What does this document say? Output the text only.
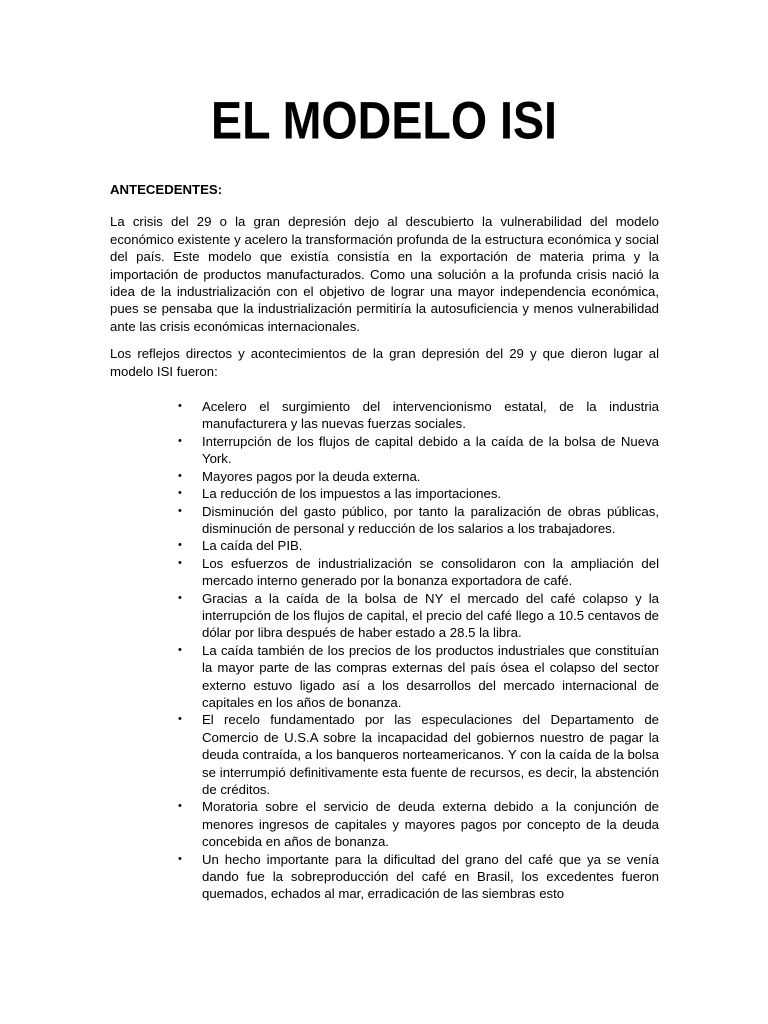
EL MODELO ISI
ANTECEDENTES:

La crisis del 29 o la gran depresión dejo al descubierto la vulnerabilidad del modelo económico existente y acelero la transformación profunda de la estructura económica y social del país. Este modelo que existía consistía en la exportación de materia prima y la importación de productos manufacturados. Como una solución a la profunda crisis nació la idea de la industrialización con el objetivo de lograr una mayor independencia económica, pues se pensaba que la industrialización permitiría la autosuficiencia y menos vulnerabilidad ante las crisis económicas internacionales.

Los reflejos directos y acontecimientos de la gran depresión del 29 y que dieron lugar al modelo ISI fueron:

• Acelero el surgimiento del intervencionismo estatal, de la industria manufacturera y las nuevas fuerzas sociales.
• Interrupción de los flujos de capital debido a la caída de la bolsa de Nueva York.
• Mayores pagos por la deuda externa.
• La reducción de los impuestos a las importaciones.
• Disminución del gasto público, por tanto la paralización de obras públicas, disminución de personal y reducción de los salarios a los trabajadores.
• La caída del PIB.
• Los esfuerzos de industrialización se consolidaron con la ampliación del mercado interno generado por la bonanza exportadora de café.
• Gracias a la caída de la bolsa de NY el mercado del café colapso y la interrupción de los flujos de capital, el precio del café llego a 10.5 centavos de dólar por libra después de haber estado a 28.5 la libra.
• La caída también de los precios de los productos industriales que constituían la mayor parte de las compras externas del país ósea el colapso del sector externo estuvo ligado así a los desarrollos del mercado internacional de capitales en los años de bonanza.
• El recelo fundamentado por las especulaciones del Departamento de Comercio de U.S.A sobre la incapacidad del gobiernos nuestro de pagar la deuda contraída, a los banqueros norteamericanos. Y con la caída de la bolsa se interrumpió definitivamente esta fuente de recursos, es decir, la abstención de créditos.
• Moratoria sobre el servicio de deuda externa debido a la conjunción de menores ingresos de capitales y mayores pagos por concepto de la deuda concebida en años de bonanza.
• Un hecho importante para la dificultad del grano del café que ya se venía dando fue la sobreproducción del café en Brasil, los excedentes fueron quemados, echados al mar, erradicación de las siembras esto
